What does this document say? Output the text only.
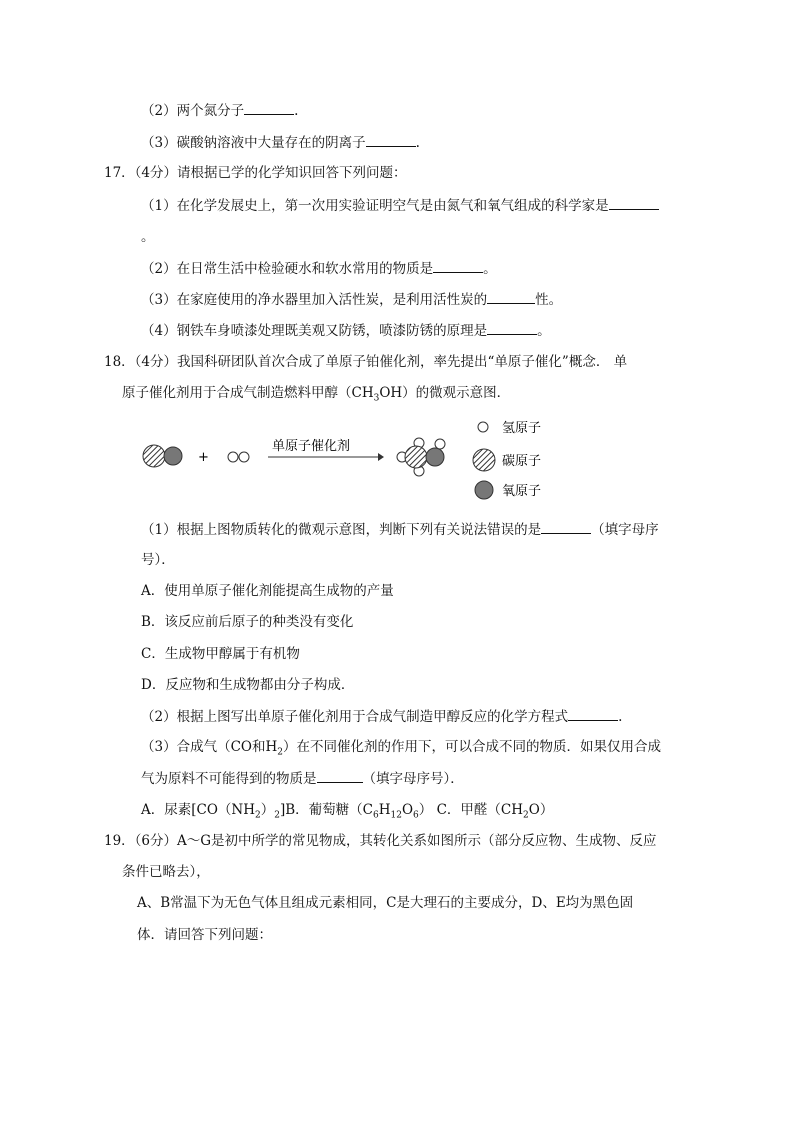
（2）两个氮分子	.
（3）碳酸钠溶液中大量存在的阴离子	.
17．（4分）请根据已学的化学知识回答下列问题：
（1）在化学发展史上，第一次用实验证明空气是由氮气和氧气组成的科学家是
。
（2）在日常生活中检验硬水和软水常用的物质是	。
（3）在家庭使用的净水器里加入活性炭，是利用活性炭的	性。
（4）钢铁车身喷漆处理既美观又防锈，喷漆防锈的原理是	。
18．（4分）我国科研团队首次合成了单原子铂催化剂，率先提出“单原子催化”概念． 单
原子催化剂用于合成气制造燃料甲醇$(CH_3OH)$的微观示意图．
+
单原子催化剂
氢原子
碳原子
氧原子
（1）根据上图物质转化的微观示意图，判断下列有关说法错误的是	（填字母序
号）．
A．使用单原子催化剂能提高生成物的产量
B．该反应前后原子的种类没有变化
C．生成物甲醇属于有机物
D．反应物和生成物都由分子构成．
（2）根据上图写出单原子催化剂用于合成气制造甲醇反应的化学方程式	.
（3）合成气（CO和$H_2$）在不同催化剂的作用下，可以合成不同的物质．如果仅用合成
气为原料不可能得到的物质是	（填字母序号）．
A．尿素$[CO(NH_2)_2]B$．葡萄糖$(C_6H_{12}O_6)$ C．甲醛$(CH_2O)$
19．（6分）A～G是初中所学的常见物成，其转化关系如图所示（部分反应物、生成物、反应
条件已略去），
A、B常温下为无色气体且组成元素相同，C是大理石的主要成分，D、E均为黑色固
体．请回答下列问题：
